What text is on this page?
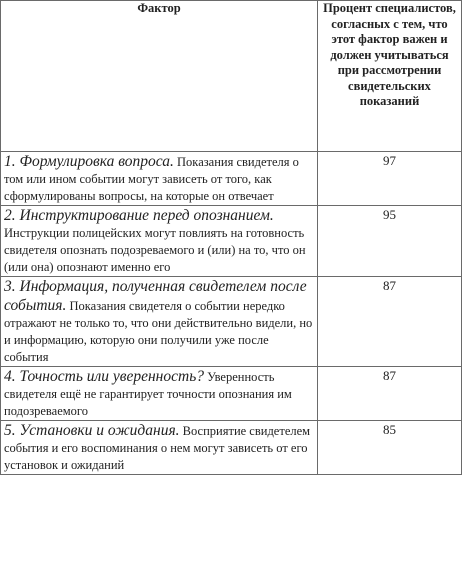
Фактор	Процент специалистов, согласных с тем, что этот фактор важен и должен учитываться при рассмотрении свидетельских показаний
1. Формулировка вопроса. Показания свидетеля о том или ином событии могут зависеть от того, как сформулированы вопросы, на которые он отвечает	97
2. Инструктирование перед опознанием. Инструкции полицейских могут повлиять на готовность свидетеля опознать подозреваемого и (или) на то, что он (или она) опознают именно его	95
3. Информация, полученная свидетелем после события. Показания свидетеля о событии нередко отражают не только то, что они действительно видели, но и информацию, которую они получили уже после события	87
4. Точность или уверенность? Уверенность свидетеля ещё не гарантирует точности опознания им подозреваемого	87
5. Установки и ожидания. Восприятие свидетелем события и его воспоминания о нем могут зависеть от его установок и ожиданий	85
